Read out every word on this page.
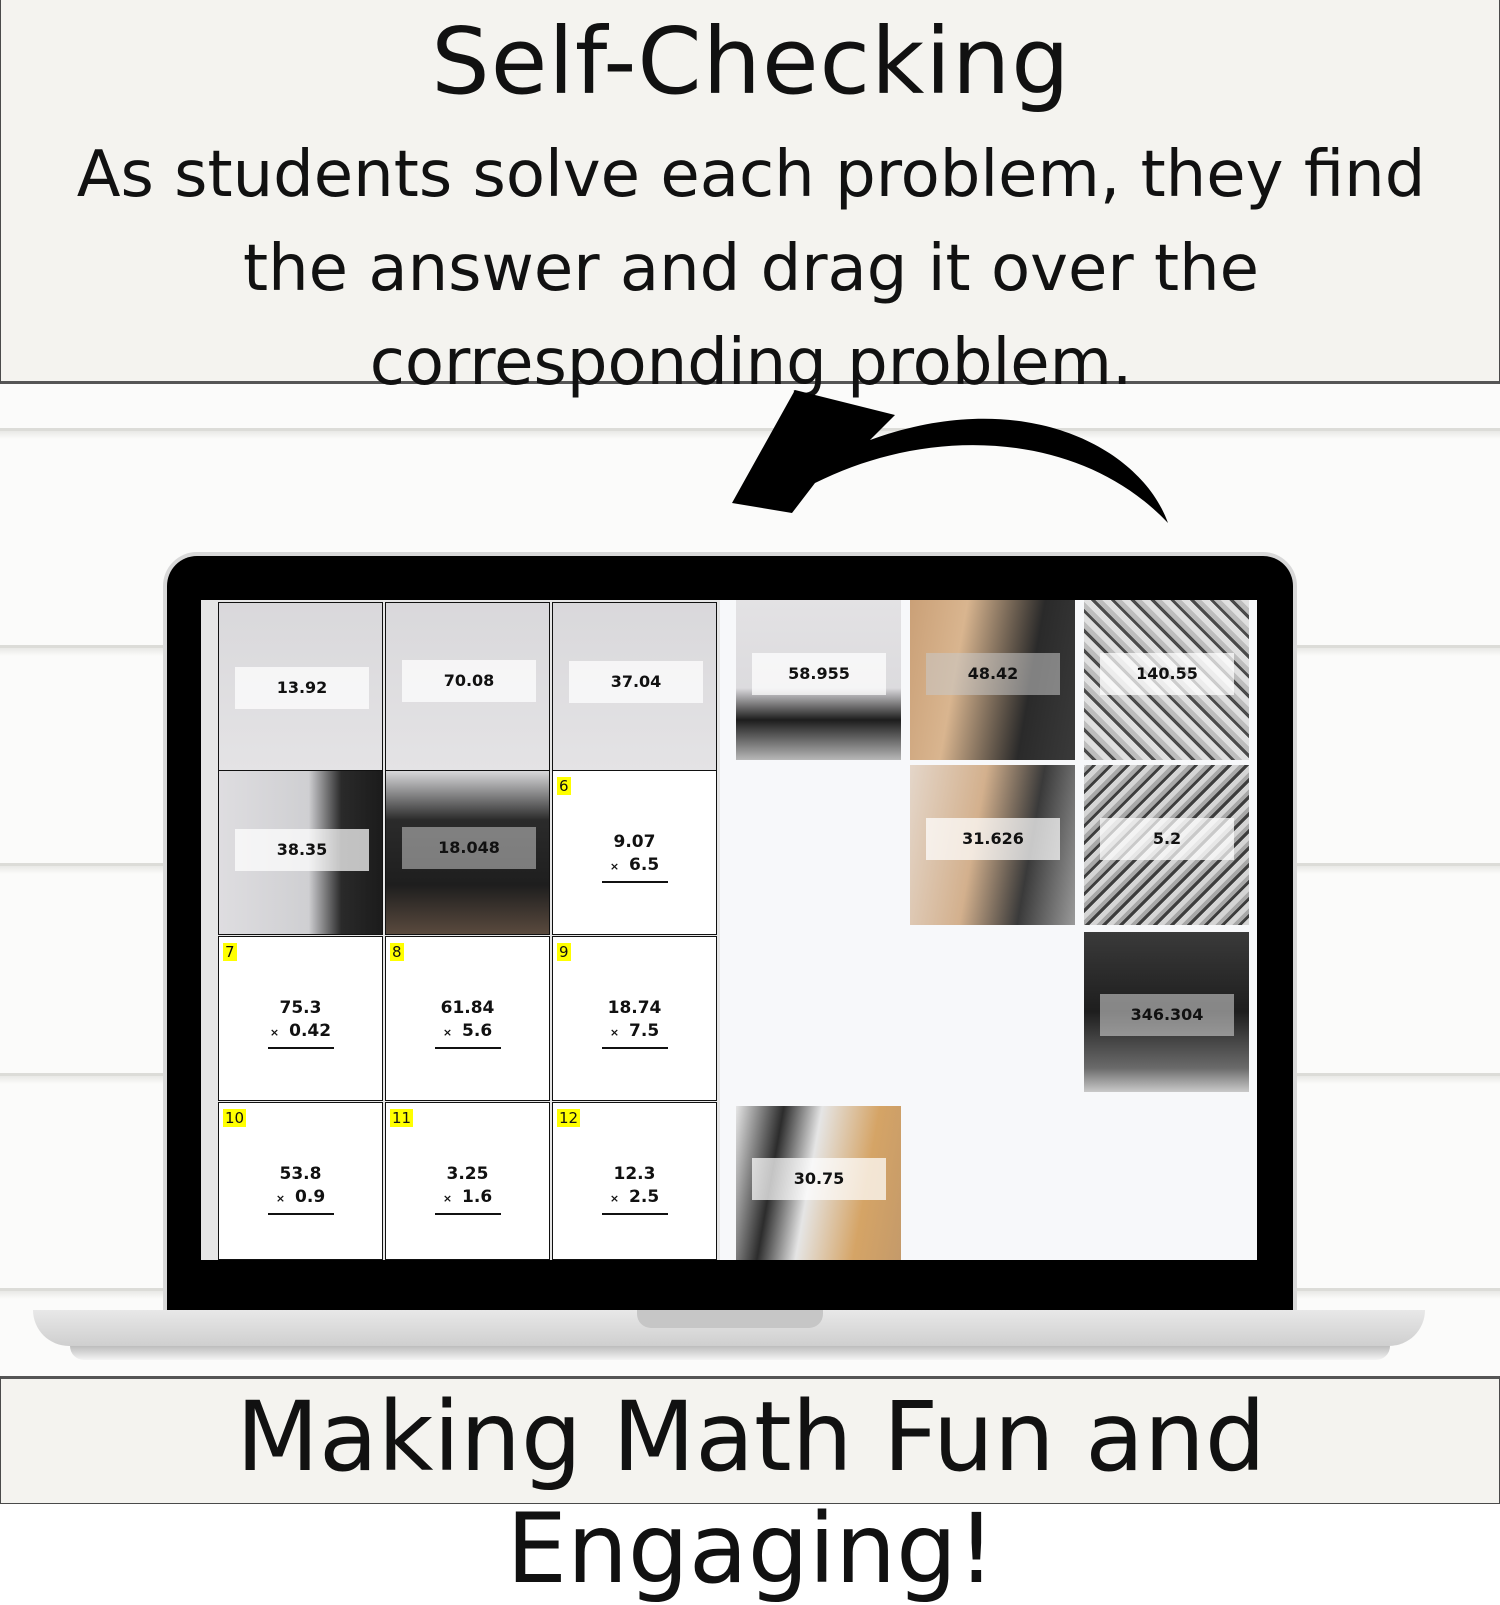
Self-Checking
As students solve each problem, they find the answer and drag it over the corresponding problem.
13.92	70.08	37.04
38.35	18.048
6
9.07
× 6.5
7
75.3
× 0.42
8
61.84
× 5.6
9
18.74
× 7.5
10
53.8
× 0.9
11
3.25
× 1.6
12
12.3
× 2.5
58.955	48.42	140.55
31.626	5.2
346.304
30.75
Making Math Fun and Engaging!
